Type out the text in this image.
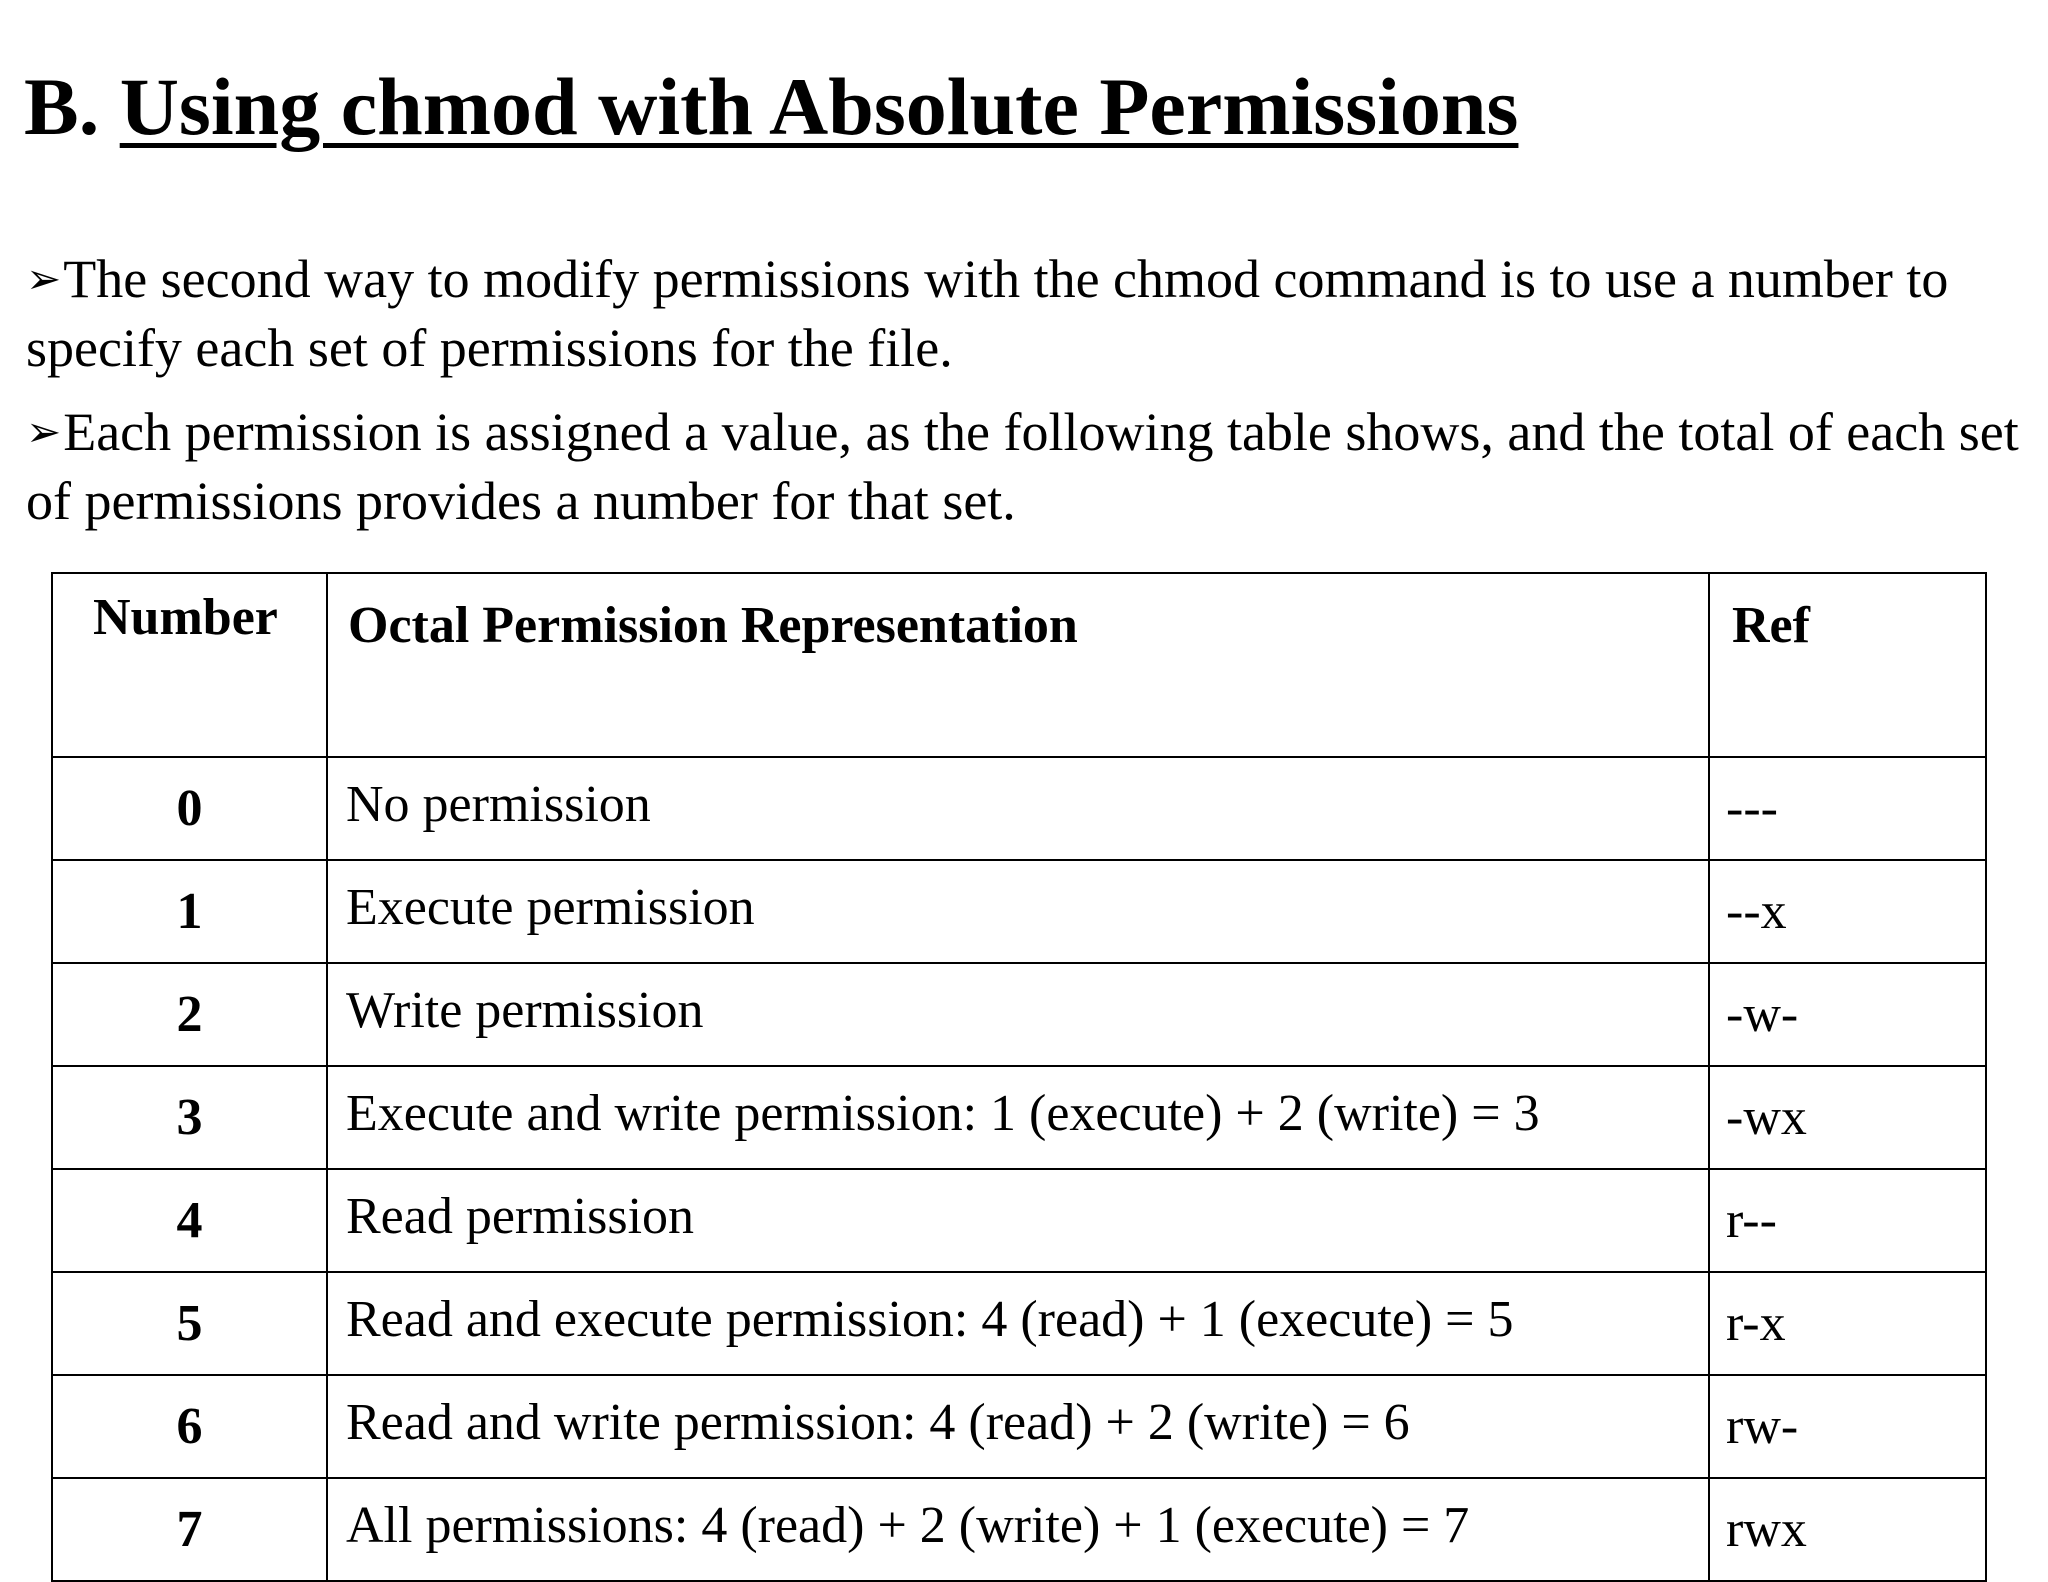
B. Using chmod with Absolute Permissions

➢The second way to modify permissions with the chmod command is to use a number to specify each set of permissions for the file.

➢Each permission is assigned a value, as the following table shows, and the total of each set of permissions provides a number for that set.

Number	Octal Permission Representation	Ref
0	No permission	---
1	Execute permission	--x
2	Write permission	-w-
3	Execute and write permission: 1 (execute) + 2 (write) = 3	-wx
4	Read permission	r--
5	Read and execute permission: 4 (read) + 1 (execute) = 5	r-x
6	Read and write permission: 4 (read) + 2 (write) = 6	rw-
7	All permissions: 4 (read) + 2 (write) + 1 (execute) = 7	rwx
